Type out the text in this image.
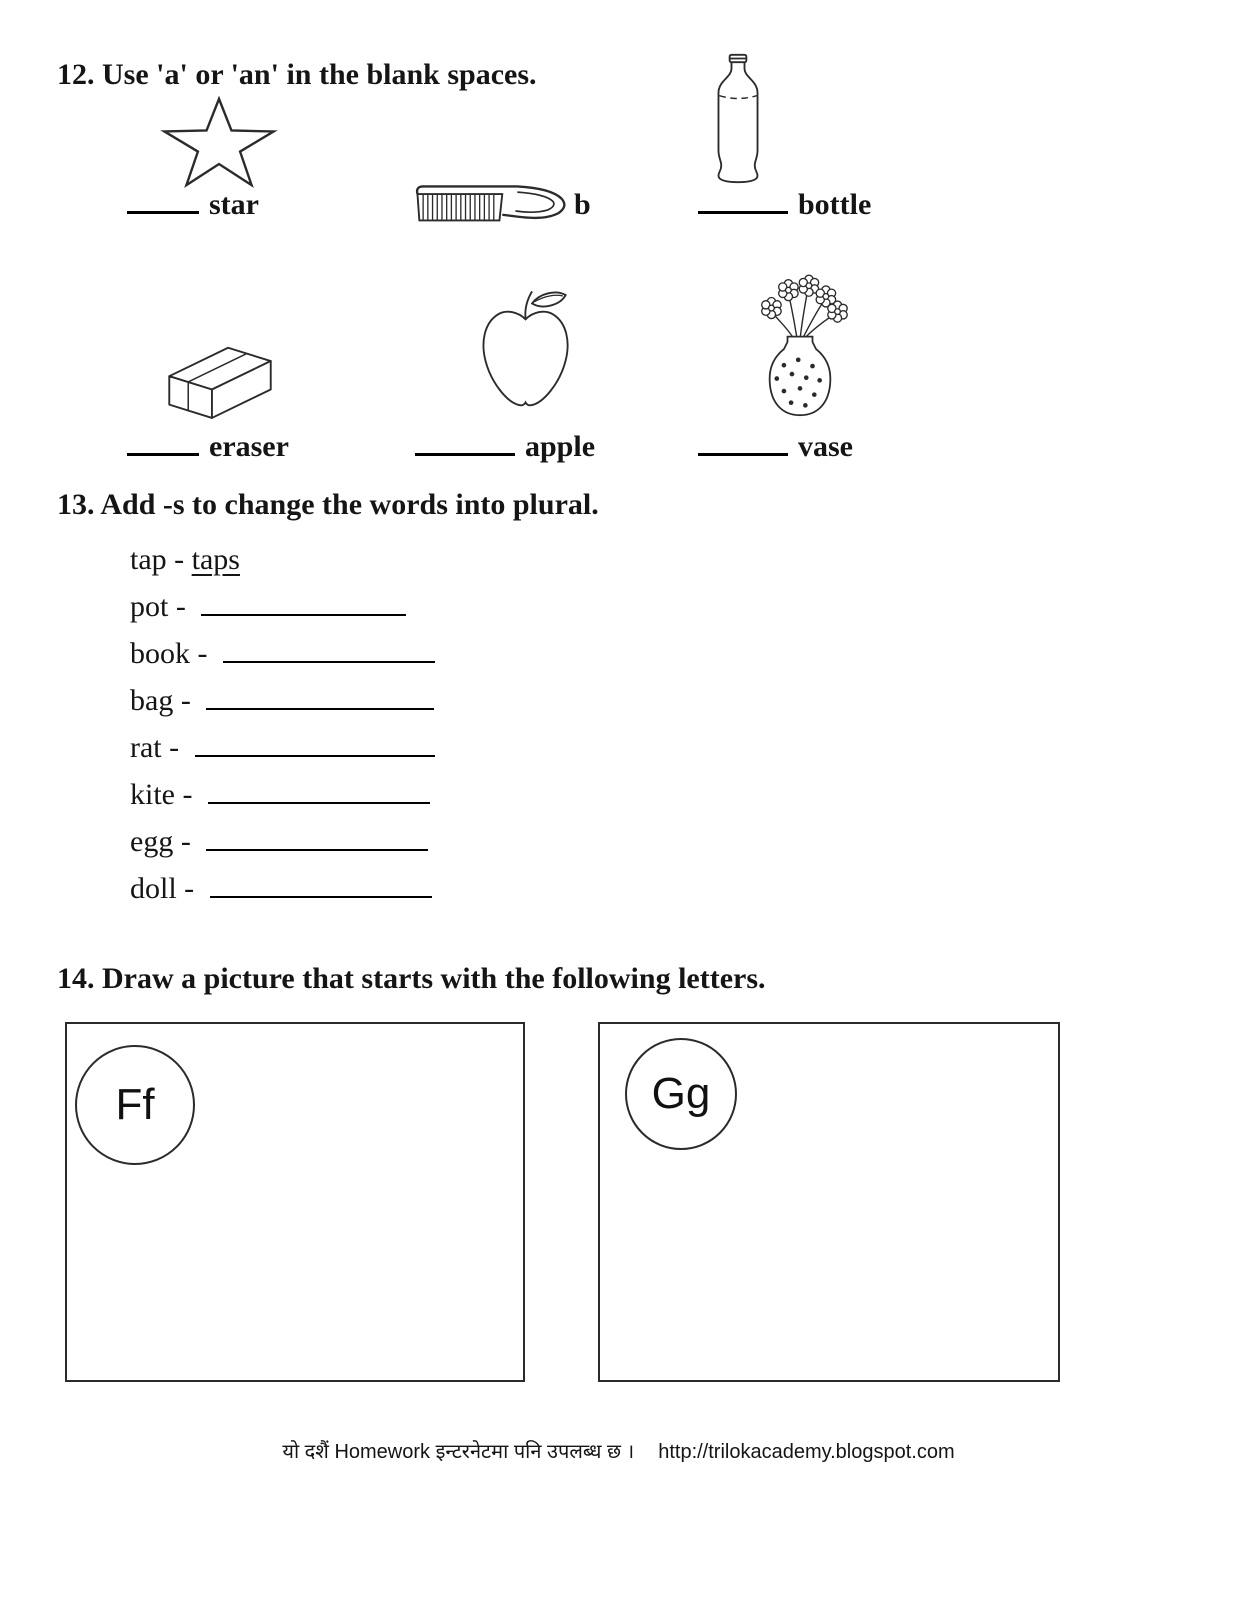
12. Use 'a' or 'an' in the blank spaces.
star	b	bottle
eraser	apple	vase
13. Add -s to change the words into plural.
tap - taps
pot -
book -
bag -
rat -
kite -
egg -
doll -
14. Draw a picture that starts with the following letters.
Ff	Gg
यो दशैं Homework इन्टरनेटमा पनि उपलब्ध छ । http://trilokacademy.blogspot.com
